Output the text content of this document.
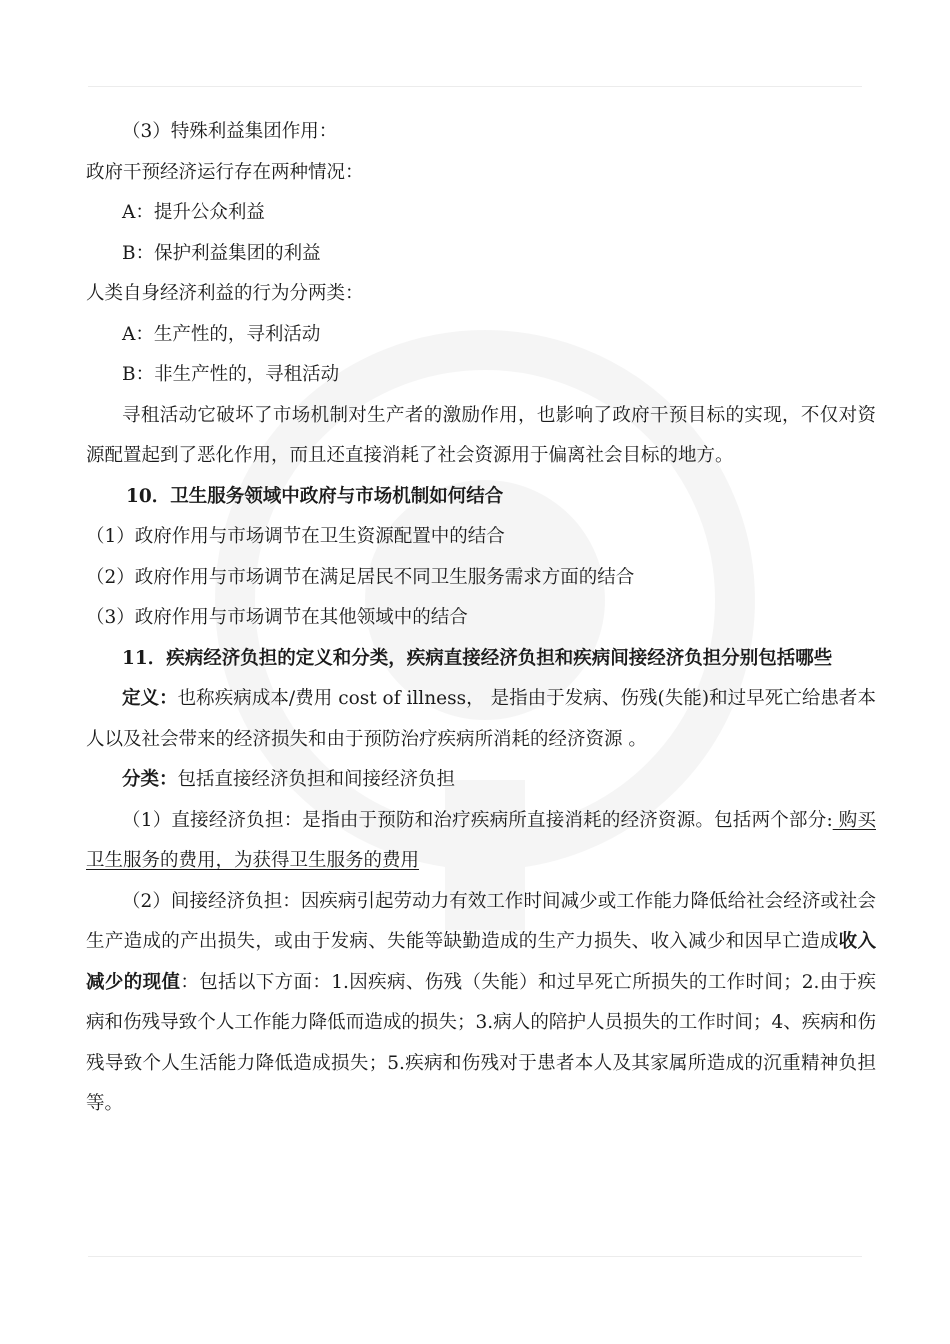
（3）特殊利益集团作用：
政府干预经济运行存在两种情况：
A：提升公众利益
B：保护利益集团的利益
人类自身经济利益的行为分两类：
A：生产性的，寻利活动
B：非生产性的，寻租活动
寻租活动它破坏了市场机制对生产者的激励作用，也影响了政府干预目标的实现，不仅对资源配置起到了恶化作用，而且还直接消耗了社会资源用于偏离社会目标的地方。
10．卫生服务领域中政府与市场机制如何结合
（1）政府作用与市场调节在卫生资源配置中的结合
（2）政府作用与市场调节在满足居民不同卫生服务需求方面的结合
（3）政府作用与市场调节在其他领域中的结合
11．疾病经济负担的定义和分类，疾病直接经济负担和疾病间接经济负担分别包括哪些
定义：也称疾病成本/费用 cost of illness， 是指由于发病、伤残(失能)和过早死亡给患者本人以及社会带来的经济损失和由于预防治疗疾病所消耗的经济资源 。
分类：包括直接经济负担和间接经济负担
（1）直接经济负担：是指由于预防和治疗疾病所直接消耗的经济资源。包括两个部分: 购买卫生服务的费用，为获得卫生服务的费用
（2）间接经济负担：因疾病引起劳动力有效工作时间减少或工作能力降低给社会经济或社会生产造成的产出损失，或由于发病、失能等缺勤造成的生产力损失、收入减少和因早亡造成收入减少的现值：包括以下方面：1.因疾病、伤残（失能）和过早死亡所损失的工作时间；2.由于疾病和伤残导致个人工作能力降低而造成的损失；3.病人的陪护人员损失的工作时间；4、疾病和伤残导致个人生活能力降低造成损失；5.疾病和伤残对于患者本人及其家属所造成的沉重精神负担等。
